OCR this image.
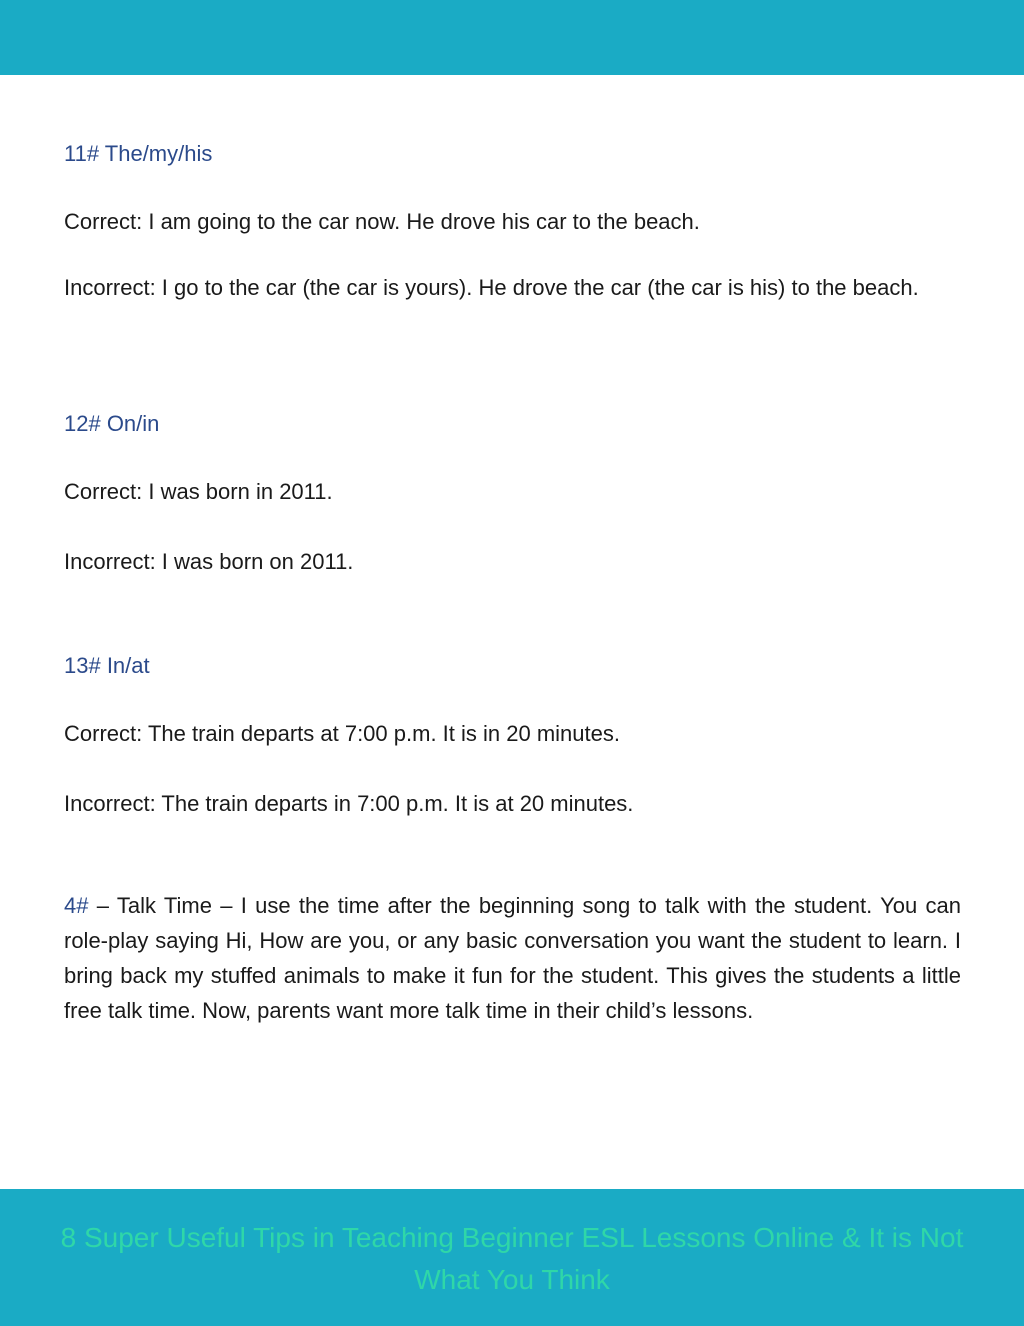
11# The/my/his
Correct: I am going to the car now. He drove his car to the beach.
Incorrect: I go to the car (the car is yours). He drove the car (the car is his) to the beach.
12# On/in
Correct: I was born in 2011.
Incorrect: I was born on 2011.
13# In/at
Correct: The train departs at 7:00 p.m. It is in 20 minutes.
Incorrect: The train departs in 7:00 p.m. It is at 20 minutes.
4# – Talk Time – I use the time after the beginning song to talk with the student. You can role-play saying Hi, How are you, or any basic conversation you want the student to learn. I bring back my stuffed animals to make it fun for the student. This gives the students a little free talk time. Now, parents want more talk time in their child’s lessons.
8 Super Useful Tips in Teaching Beginner ESL Lessons Online & It is Not What You Think
